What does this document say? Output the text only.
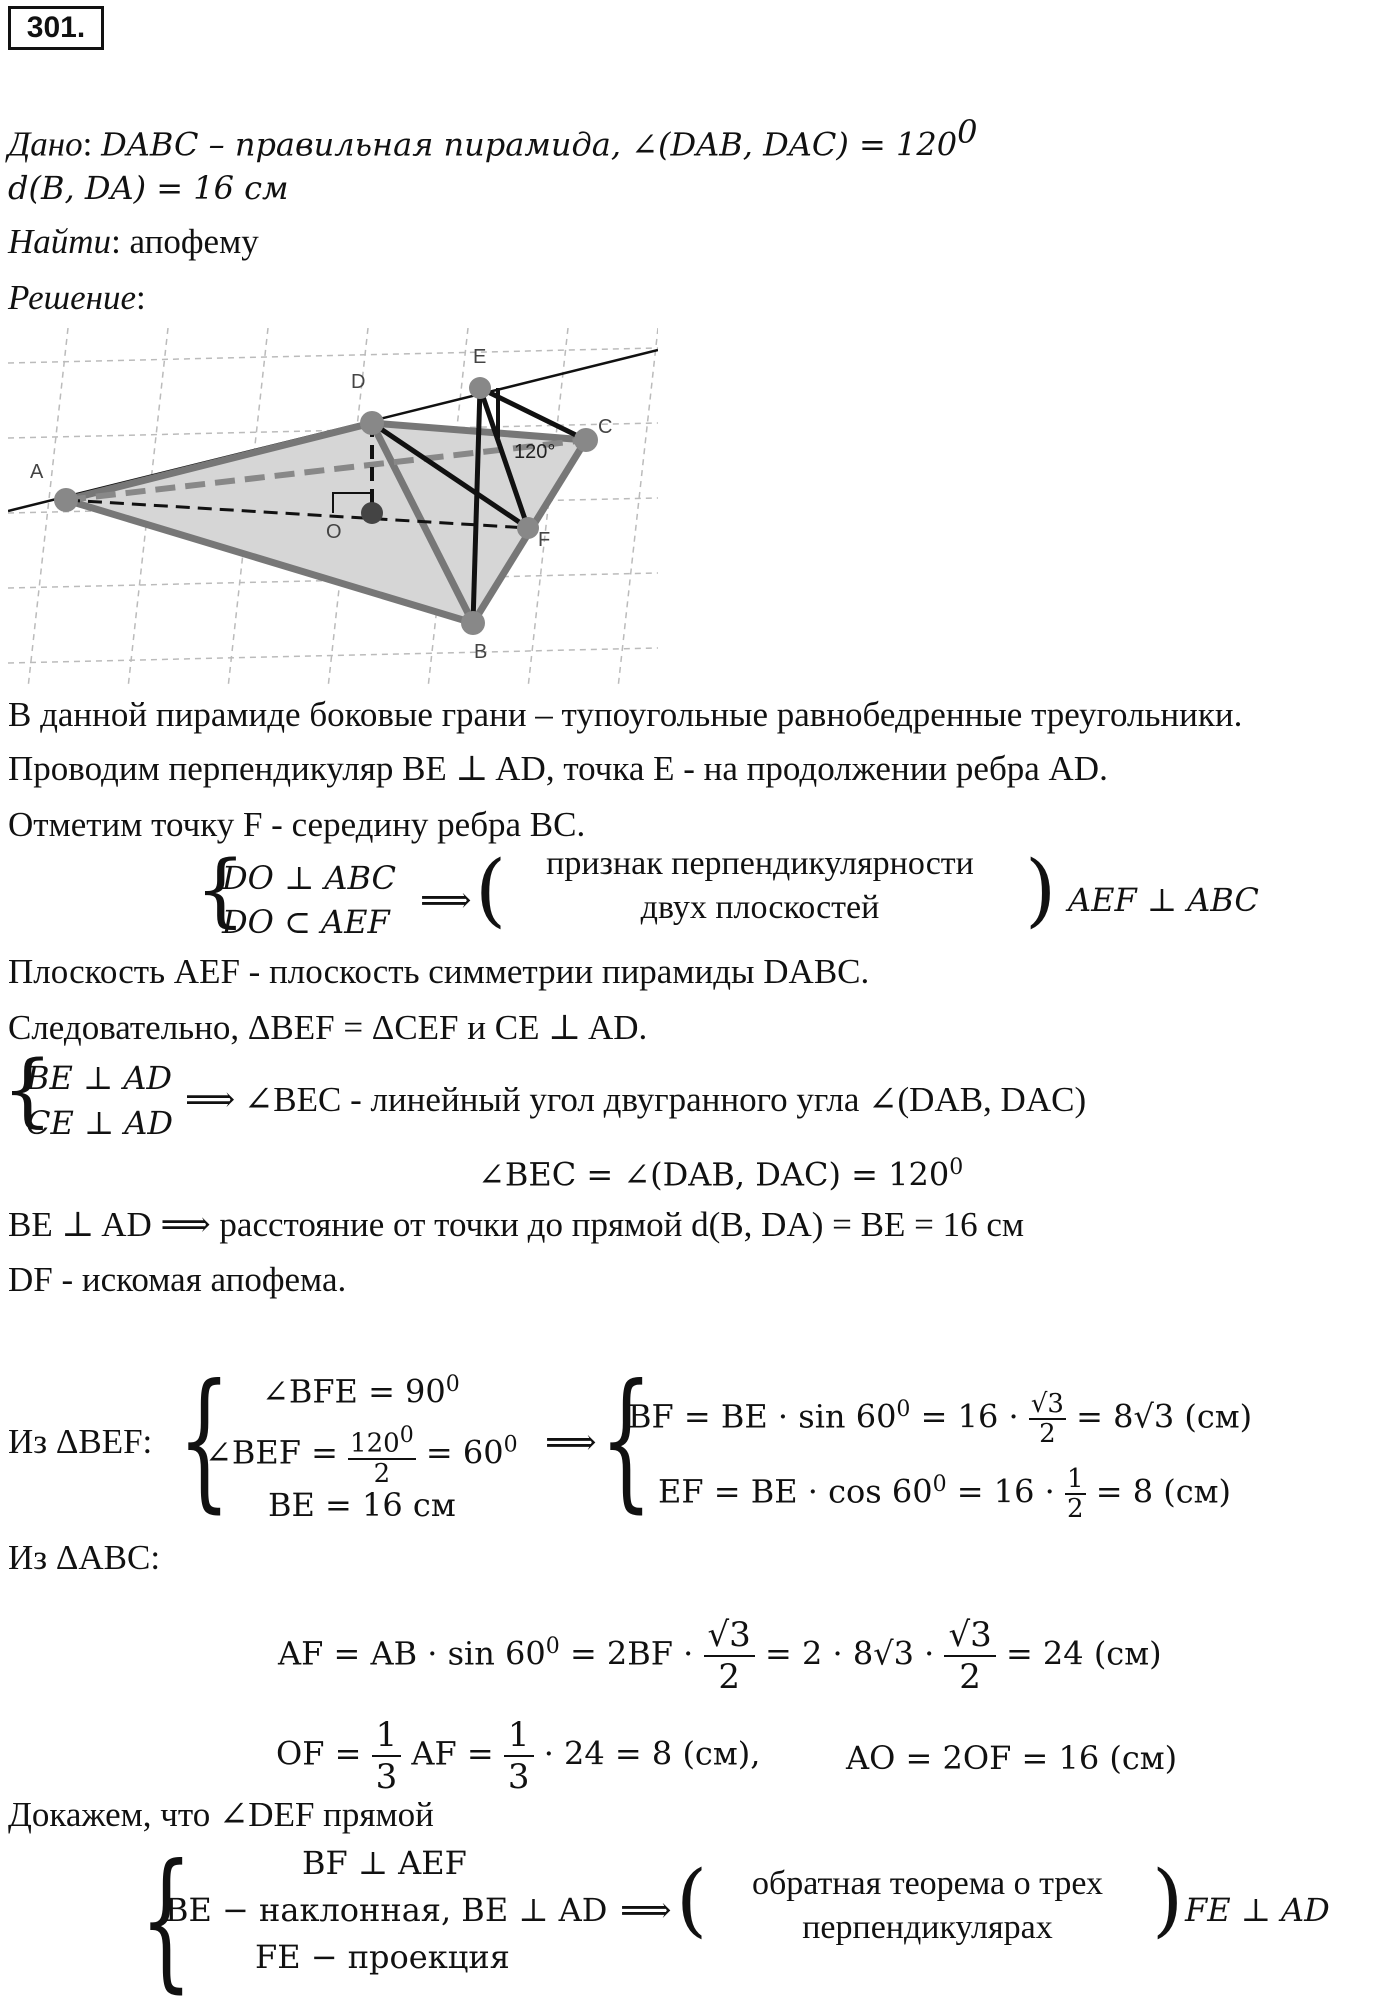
301.
Дано: DABC – правильная пирамида, ∠(DAB, $DAC) = 120^0$
d(B, DA) = 16 см
Найти: апофему
Решение:
120°
A
D
E
C
O	F
B
В данной пирамиде боковые грани – тупоугольные равнобедренные треугольники.
Проводим перпендикуляр BE ⊥ AD, точка E - на продолжении ребра AD.
Отметим точку F - середину ребра BC.
{
DO ⊥ ABC
DO ⊂ AEF
⟹ (	признак перпендикулярности
двух плоскостей	) AEF ⊥ ABC
Плоскость AEF - плоскость симметрии пирамиды DABC.
Следовательно, ΔBEF = ΔCEF и CE ⊥ AD.
{
BE ⊥ AD
CE ⊥ AD
⟹ ∠BEC - линейный угол двугранного угла ∠(DAB, DAC)
∠BEC = ∠(DAB, $DAC) = 120^0$
BE ⊥ AD ⟹ расстояние от точки до прямой d(B, DA) = BE = 16 см
DF - искомая апофема.
Из ΔBEF: { ∠BFE = $90^0$
∠BEF = $\frac{120^0}{2} = 60^0$
BE = 16 см
⟹ {
BF = BE · $\sin 60^0 = 16 \cdot \frac{√3}{2} = 8√3$ (см)
EF = BE · $\cos 60^0 = 16 \cdot \frac{1}{2} = 8$ (см)
Из ΔABC:
AF = AB · $\sin 60^0 = 2BF \cdot \frac{√3}{2} = 2 \cdot 8√3 \cdot \frac{√3}{2} = 24$ (см)
OF = $\frac{1}{3}$ AF = $\frac{1}{3} \cdot 24 = 8$ (см),	AO = 2OF = 16 (см)
Докажем, что ∠DEF прямой
{	BF ⊥ AEF
BE − наклонная, BE ⊥ AD
FE − проекция
⟹ (	обратная теорема о трех
перпендикулярах	) FE ⊥ AD
